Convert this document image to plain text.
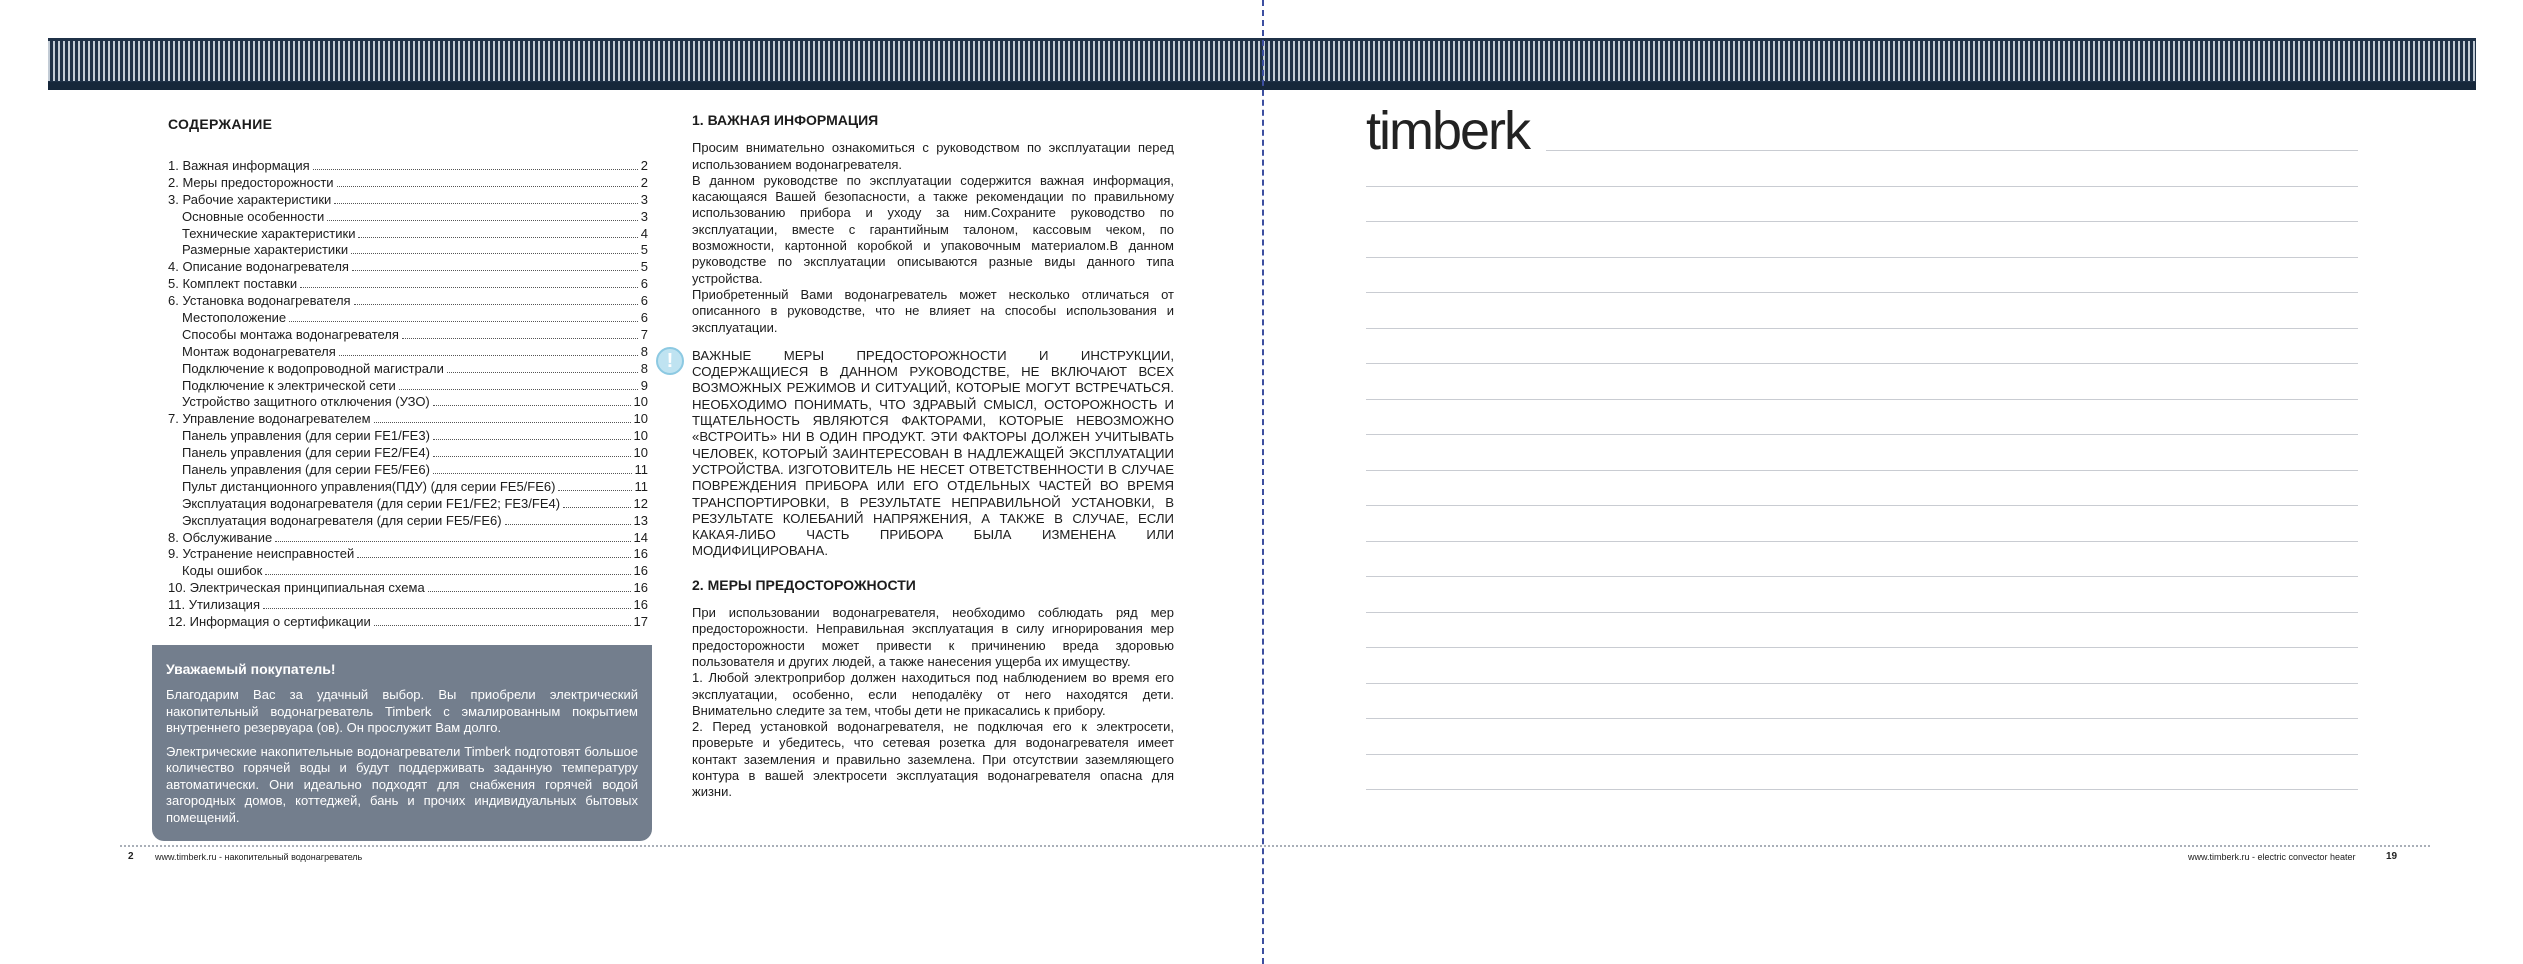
СОДЕРЖАНИЕ
1. Важная информация	2
2. Меры предосторожности	2
3. Рабочие характеристики	3
Основные особенности	3
Технические характеристики	4
Размерные характеристики	5
4. Описание водонагревателя	5
5. Комплект поставки	6
6. Установка водонагревателя	6
Местоположение	6
Способы монтажа водонагревателя	7
Монтаж водонагревателя	8
Подключение к водопроводной магистрали	8
Подключение к электрической сети	9
Устройство защитного отключения (УЗО)	10
7. Управление водонагревателем	10
Панель управления (для серии FE1/FE3)	10
Панель управления (для серии FE2/FE4)	10
Панель управления (для серии FE5/FE6)	11
Пульт дистанционного управления(ПДУ) (для серии FE5/FE6)	11
Эксплуатация водонагревателя (для серии FE1/FE2; FE3/FE4)	12
Эксплуатация водонагревателя (для серии FE5/FE6)	13
8. Обслуживание	14
9. Устранение неисправностей	16
Коды ошибок	16
10. Электрическая принципиальная схема	16
11. Утилизация	16
12. Информация о сертификации	17
Уважаемый покупатель!

Благодарим Вас за удачный выбор. Вы приобрели электрический накопительный водонагреватель Timberk с эмалированным покрытием внутреннего резервуара (ов). Он прослужит Вам долго.

Электрические накопительные водонагреватели Timberk подготовят большое количество горячей воды и будут поддерживать заданную температуру автоматически. Они идеально подходят для снабжения горячей водой загородных домов, коттеджей, бань и прочих индивидуальных бытовых помещений.

1. ВАЖНАЯ ИНФОРМАЦИЯ

Просим внимательно ознакомиться с руководством по эксплуатации перед использованием водонагревателя.

В данном руководстве по эксплуатации содержится важная информация, касающаяся Вашей безопасности, а также рекомендации по правильному использованию прибора и уходу за ним.Сохраните руководство по эксплуатации, вместе с гарантийным талоном, кассовым чеком, по возможности, картонной коробкой и упаковочным материалом.В данном руководстве по эксплуатации описываются разные виды данного типа устройства.

Приобретенный Вами водонагреватель может несколько отличаться от описанного в руководстве, что не влияет на способы использования и эксплуатации.

!	ВАЖНЫЕ МЕРЫ ПРЕДОСТОРОЖНОСТИ И ИНСТРУКЦИИ, СОДЕРЖАЩИЕСЯ В ДАННОМ РУКОВОДСТВЕ, НЕ ВКЛЮЧАЮТ ВСЕХ ВОЗМОЖНЫХ РЕЖИМОВ И СИТУАЦИЙ, КОТОРЫЕ МОГУТ ВСТРЕЧАТЬСЯ. НЕОБХОДИМО ПОНИМАТЬ, ЧТО ЗДРАВЫЙ СМЫСЛ, ОСТОРОЖНОСТЬ И ТЩАТЕЛЬНОСТЬ ЯВЛЯЮТСЯ ФАКТОРАМИ, КОТОРЫЕ НЕВОЗМОЖНО «ВСТРОИТЬ» НИ В ОДИН ПРОДУКТ. ЭТИ ФАКТОРЫ ДОЛЖЕН УЧИТЫВАТЬ ЧЕЛОВЕК, КОТОРЫЙ ЗАИНТЕРЕСОВАН В НАДЛЕЖАЩЕЙ ЭКСПЛУАТАЦИИ УСТРОЙСТВА. ИЗГОТОВИТЕЛЬ НЕ НЕСЕТ ОТВЕТСТВЕННОСТИ В СЛУЧАЕ ПОВРЕЖДЕНИЯ ПРИБОРА ИЛИ ЕГО ОТДЕЛЬНЫХ ЧАСТЕЙ ВО ВРЕМЯ ТРАНСПОРТИРОВКИ, В РЕЗУЛЬТАТЕ НЕПРАВИЛЬНОЙ УСТАНОВКИ, В РЕЗУЛЬТАТЕ КОЛЕБАНИЙ НАПРЯЖЕНИЯ, А ТАКЖЕ В СЛУЧАЕ, ЕСЛИ КАКАЯ-ЛИБО ЧАСТЬ ПРИБОРА БЫЛА ИЗМЕНЕНА ИЛИ МОДИФИЦИРОВАНА.
2. МЕРЫ ПРЕДОСТОРОЖНОСТИ

При использовании водонагревателя, необходимо соблюдать ряд мер предосторожности. Неправильная эксплуатация в силу игнорирования мер предосторожности может привести к причинению вреда здоровью пользователя и других людей, а также нанесения ущерба их имуществу.

1. Любой электроприбор должен находиться под наблюдением во время его эксплуатации, особенно, если неподалёку от него находятся дети. Внимательно следите за тем, чтобы дети не прикасались к прибору.

2. Перед установкой водонагревателя, не подключая его к электросети, проверьте и убедитесь, что сетевая розетка для водонагревателя имеет контакт заземления и правильно заземлена. При отсутствии заземляющего контура в вашей электросети эксплуатация водонагревателя опасна для жизни.

2 www.timberk.ru - накопительный водонагреватель	www.timberk.ru - electric convector heater	19
timberk
